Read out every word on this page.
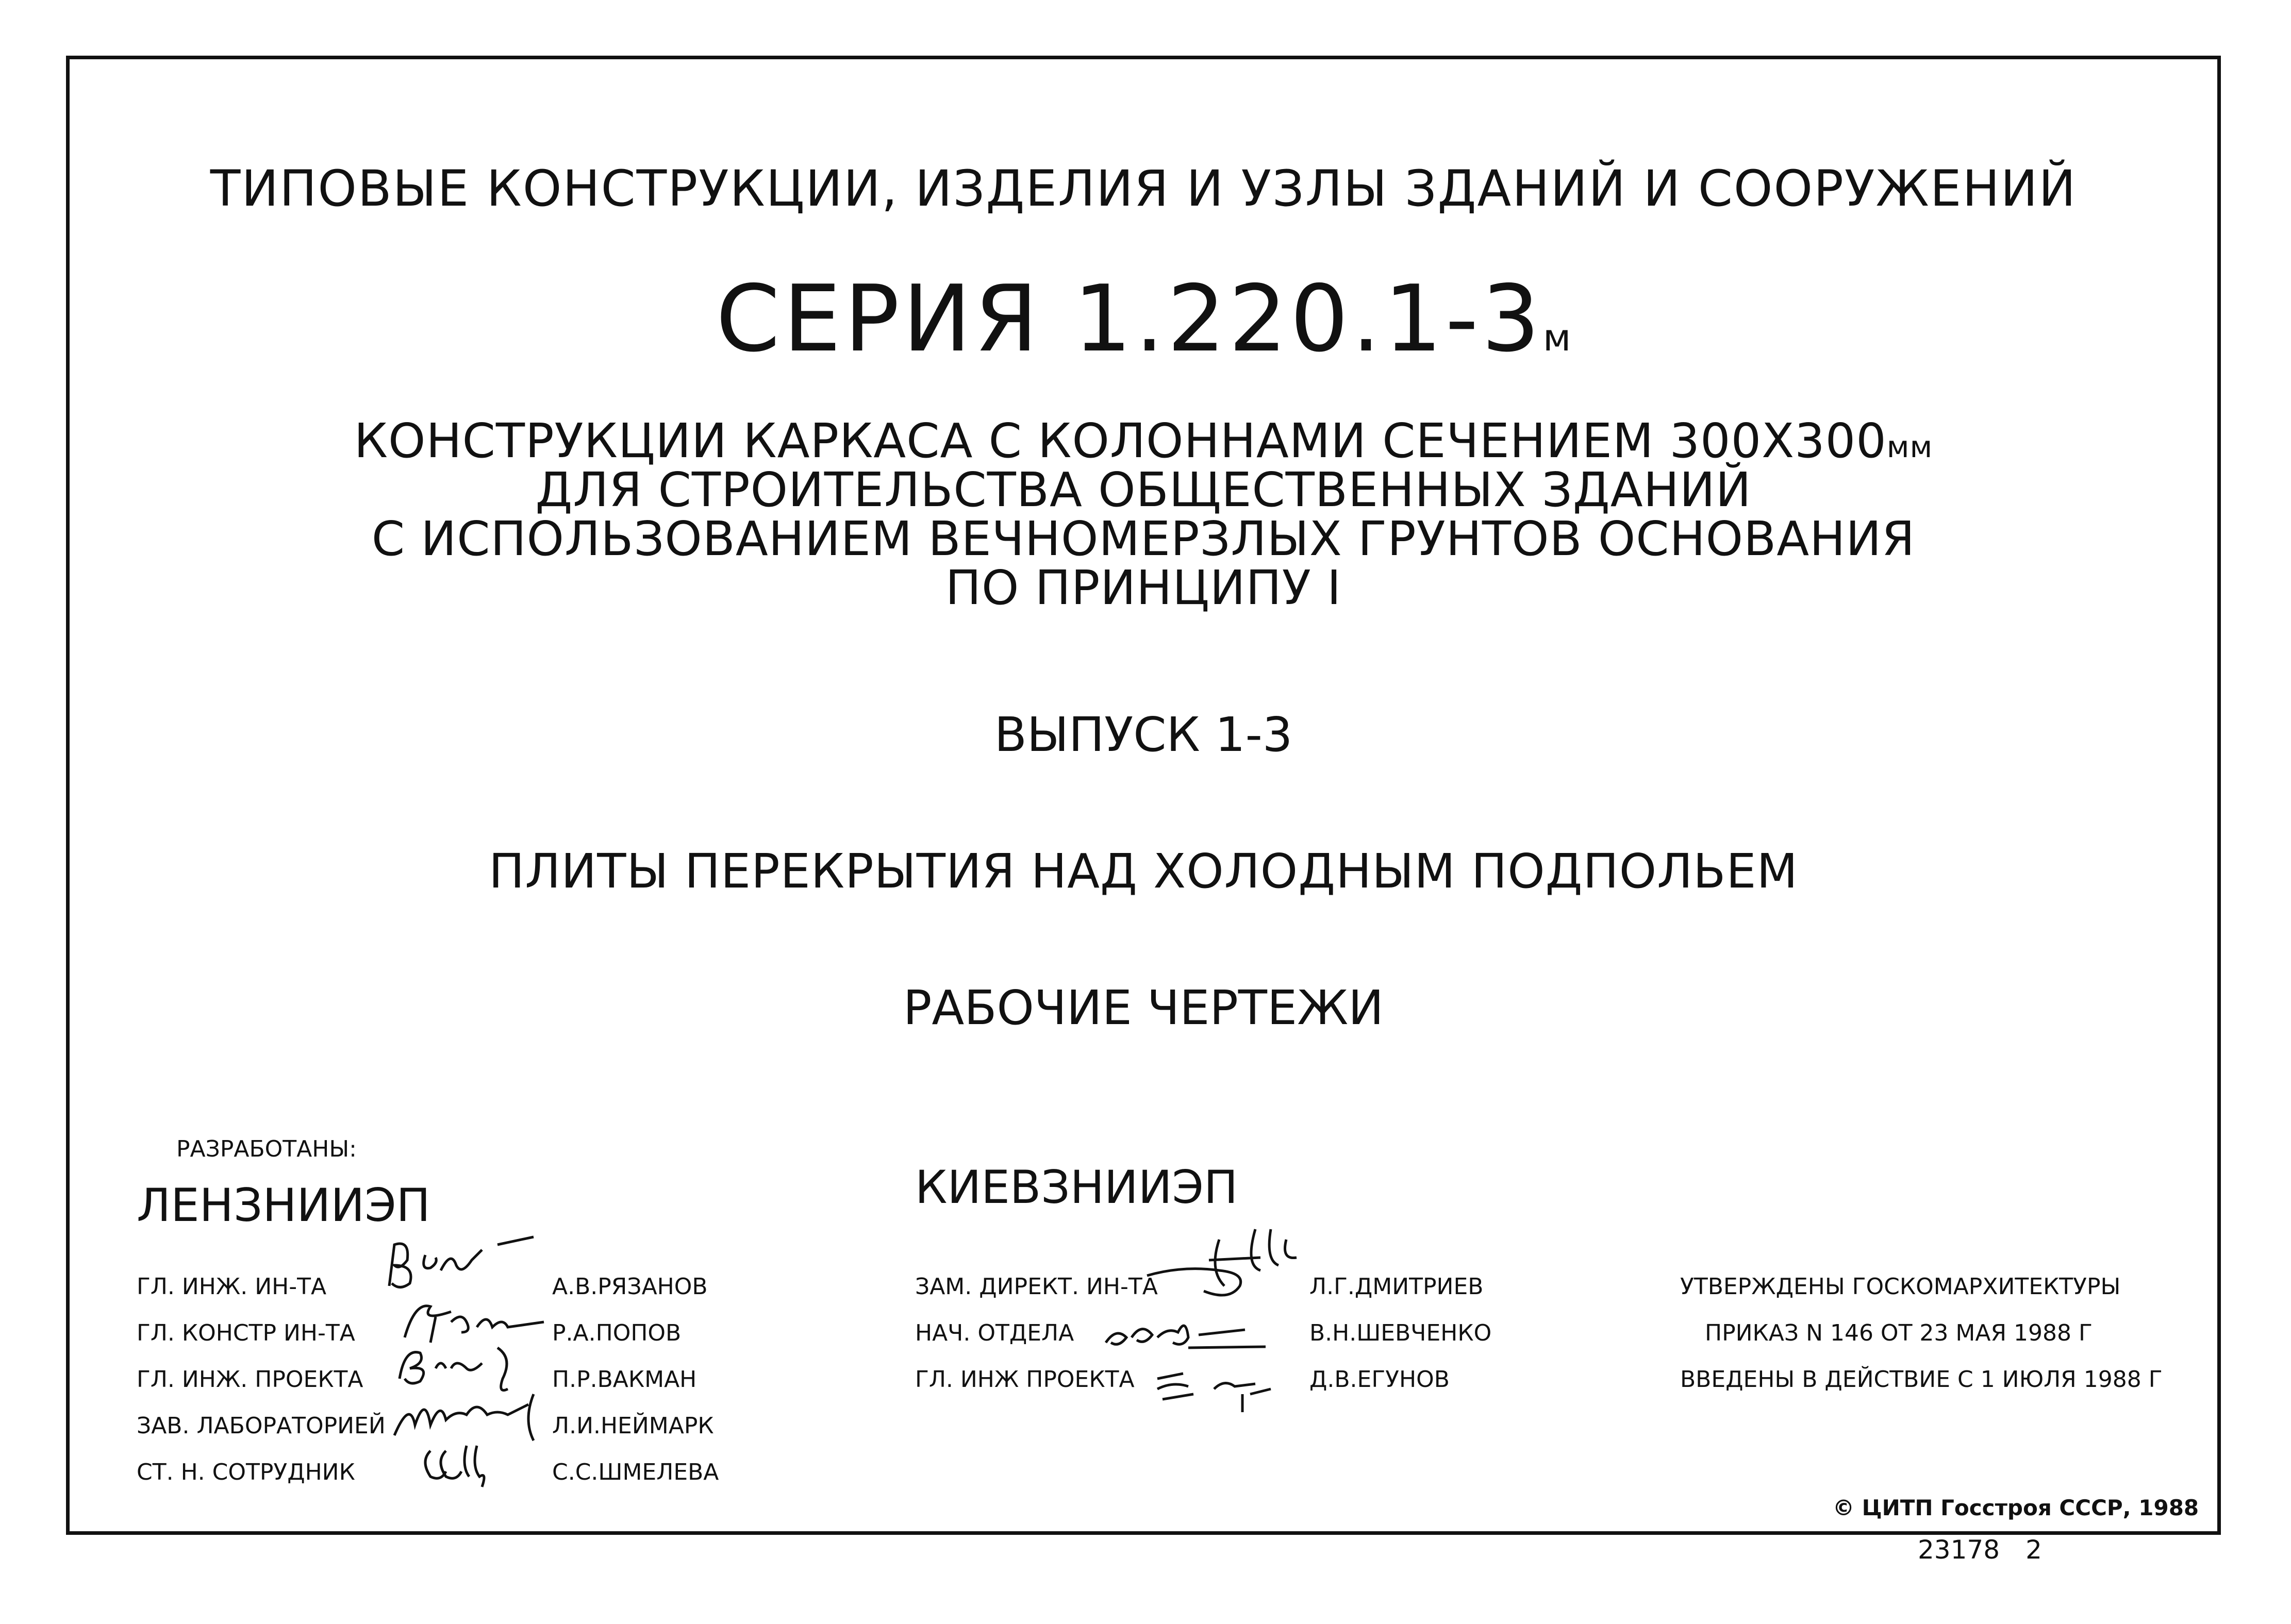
ТИПОВЫЕ КОНСТРУКЦИИ, ИЗДЕЛИЯ И УЗЛЫ ЗДАНИЙ И СООРУЖЕНИЙ
СЕРИЯ 1.220.1-3м
КОНСТРУКЦИИ КАРКАСА С КОЛОННАМИ СЕЧЕНИЕМ 300Х300мм
ДЛЯ СТРОИТЕЛЬСТВА ОБЩЕСТВЕННЫХ ЗДАНИЙ
С ИСПОЛЬЗОВАНИЕМ ВЕЧНОМЕРЗЛЫХ ГРУНТОВ ОСНОВАНИЯ
ПО ПРИНЦИПУ I
ВЫПУСК 1-3
ПЛИТЫ ПЕРЕКРЫТИЯ НАД ХОЛОДНЫМ ПОДПОЛЬЕМ
РАБОЧИЕ ЧЕРТЕЖИ
РАЗРАБОТАНЫ:
ЛЕНЗНИИЭП
ГЛ. ИНЖ. ИН-ТА	А.В.РЯЗАНОВ
ГЛ. КОНСТР ИН-ТА	Р.А.ПОПОВ
ГЛ. ИНЖ. ПРОЕКТА	П.Р.ВАКМАН
ЗАВ. ЛАБОРАТОРИЕЙ	Л.И.НЕЙМАРК
СТ. Н. СОТРУДНИК	С.С.ШМЕЛЕВА
КИЕВЗНИИЭП
ЗАМ. ДИРЕКТ. ИН-ТА	Л.Г.ДМИТРИЕВ
НАЧ. ОТДЕЛА	В.Н.ШЕВЧЕНКО
ГЛ. ИНЖ ПРОЕКТА	Д.В.ЕГУНОВ
УТВЕРЖДЕНЫ ГОСКОМАРХИТЕКТУРЫ
ПРИКАЗ N 146 ОТ 23 МАЯ 1988 Г
ВВЕДЕНЫ В ДЕЙСТВИЕ С 1 ИЮЛЯ 1988 Г
© ЦИТП Госстроя СССР, 1988
23178 2
